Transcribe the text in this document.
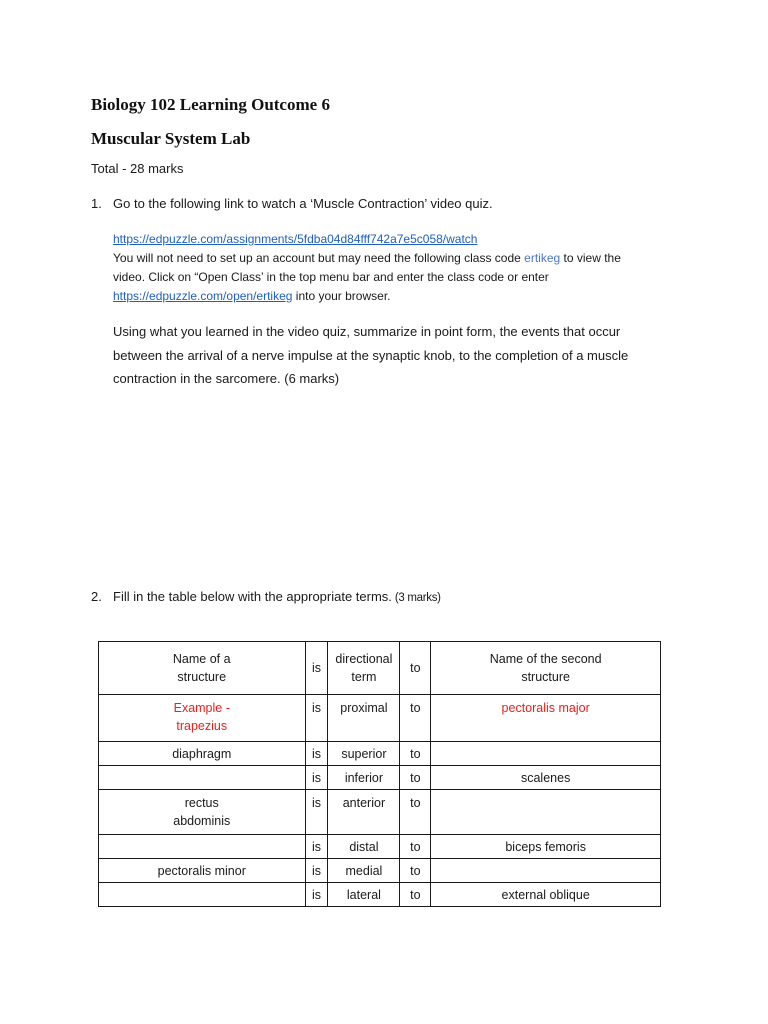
Biology 102 Learning Outcome 6
Muscular System Lab
Total - 28 marks
1. Go to the following link to watch a ‘Muscle Contraction’ video quiz.
https://edpuzzle.com/assignments/5fdba04d84fff742a7e5c058/watch
You will not need to set up an account but may need the following class code ertikeg to view the
video. Click on “Open Class’ in the top menu bar and enter the class code or enter
https://edpuzzle.com/open/ertikeg into your browser.
Using what you learned in the video quiz, summarize in point form, the events that occur
between the arrival of a nerve impulse at the synaptic knob, to the completion of a muscle
contraction in the sarcomere. (6 marks)
2. Fill in the table below with the appropriate terms. (3 marks)
Name of a structure	is	directional term	to	Name of the second structure

Example - trapezius	is	proximal	to	pectoralis major
diaphragm	is	superior	to	
	is	inferior	to	scalenes

rectus abdominis	is	anterior	to	
	is	distal	to	biceps femoris
pectoralis minor	is	medial	to	
	is	lateral	to	external oblique
